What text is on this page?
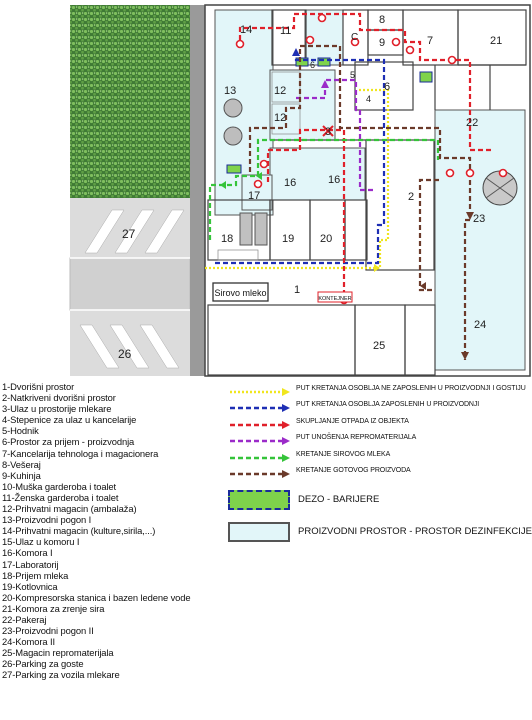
Sirovo mleko
KONTEJNER
14	11
C
8
9	7	21
6
5
6
4
12
12
13
3
22
16	16
17	2
23
18	19 20
27
1
24
25
26
1-Dvorišni prostor
2-Natkriveni dvorišni prostor
3-Ulaz u prostorije mlekare
4-Stepenice za ulaz u kancelarije
5-Hodnik
6-Prostor za prijem - proizvodnja
7-Kancelarija tehnologa i magacionera
8-Vešeraj
9-Kuhinja
10-Muška garderoba i toalet
11-Ženska garderoba i toalet
12-Prihvatni magacin (ambalaža)
13-Proizvodni pogon I
14-Prihvatni magacin (kulture,sirila,...)
15-Ulaz u komoru I
16-Komora I
17-Laboratorij
18-Prijem mleka
19-Kotlovnica
20-Kompresorska stanica i bazen ledene vode
21-Komora za zrenje sira
22-Pakeraj
23-Proizvodni pogon II
24-Komora II
25-Magacin repromaterijala
26-Parking za goste
27-Parking za vozila mlekare
PUT KRETANJA OSOBLJA NE ZAPOSLENIH U PROIZVODNJI I GOSTIJU
PUT KRETANJA OSOBLJA ZAPOSLENIH U PROIZVODNJI
SKUPLJANJE OTPADA IZ OBJEKTA
PUT UNOŠENJA REPROMATERIJALA
KRETANJE SIROVOG MLEKA
KRETANJE GOTOVOG PROIZVODA
DEZO - BARIJERE
PROIZVODNI PROSTOR - PROSTOR DEZINFEKCIJE
